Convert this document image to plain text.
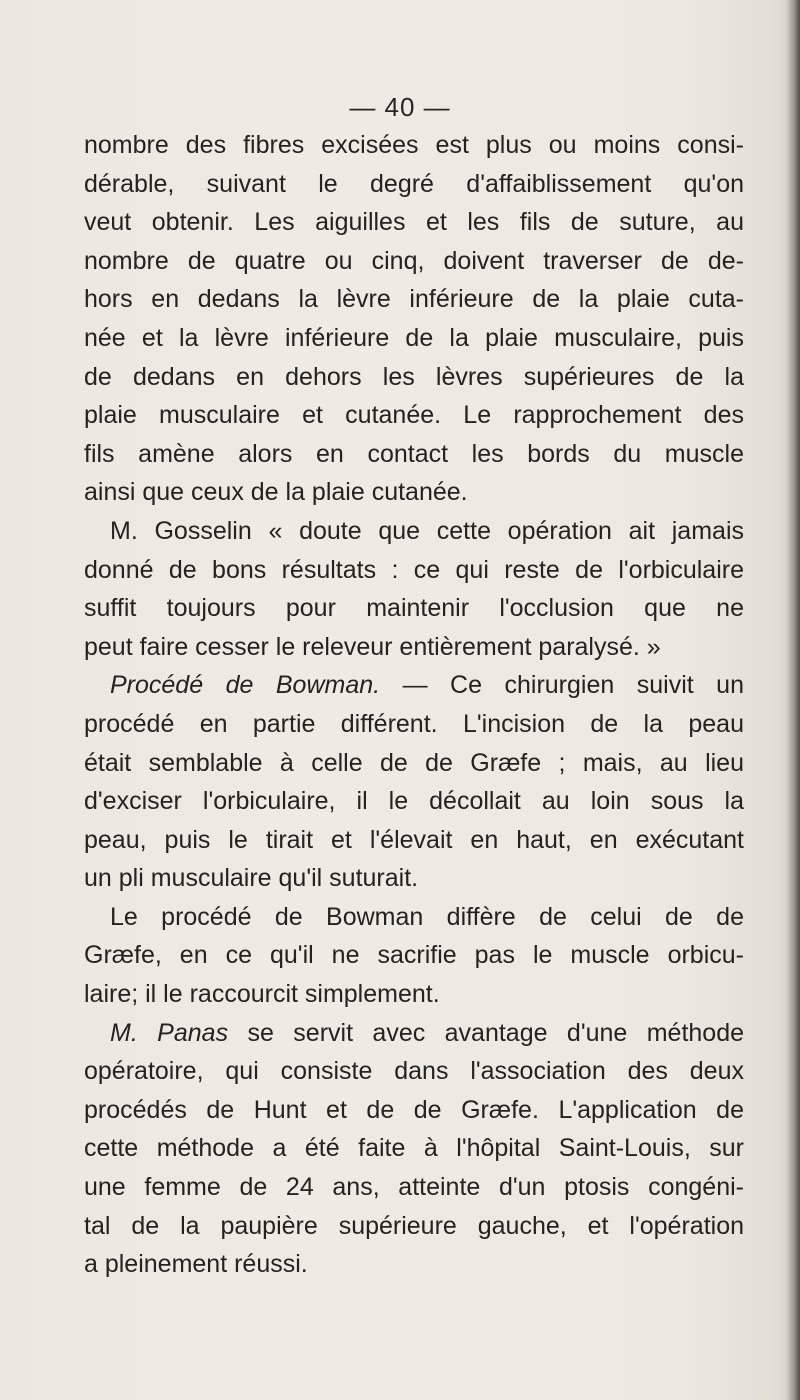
— 40 —
nombre des fibres excisées est plus ou moins consi-
dérable, suivant le degré d'affaiblissement qu'on
veut obtenir. Les aiguilles et les fils de suture, au
nombre de quatre ou cinq, doivent traverser de de-
hors en dedans la lèvre inférieure de la plaie cuta-
née et la lèvre inférieure de la plaie musculaire, puis
de dedans en dehors les lèvres supérieures de la
plaie musculaire et cutanée. Le rapprochement des
fils amène alors en contact les bords du muscle
ainsi que ceux de la plaie cutanée.
M. Gosselin « doute que cette opération ait jamais
donné de bons résultats : ce qui reste de l'orbiculaire
suffit toujours pour maintenir l'occlusion que ne
peut faire cesser le releveur entièrement paralysé. »
Procédé de Bowman. — Ce chirurgien suivit un
procédé en partie différent. L'incision de la peau
était semblable à celle de de Græfe ; mais, au lieu
d'exciser l'orbiculaire, il le décollait au loin sous la
peau, puis le tirait et l'élevait en haut, en exécutant
un pli musculaire qu'il suturait.
Le procédé de Bowman diffère de celui de de
Græfe, en ce qu'il ne sacrifie pas le muscle orbicu-
laire; il le raccourcit simplement.
M. Panas se servit avec avantage d'une méthode
opératoire, qui consiste dans l'association des deux
procédés de Hunt et de de Græfe. L'application de
cette méthode a été faite à l'hôpital Saint-Louis, sur
une femme de 24 ans, atteinte d'un ptosis congéni-
tal de la paupière supérieure gauche, et l'opération
a pleinement réussi.
